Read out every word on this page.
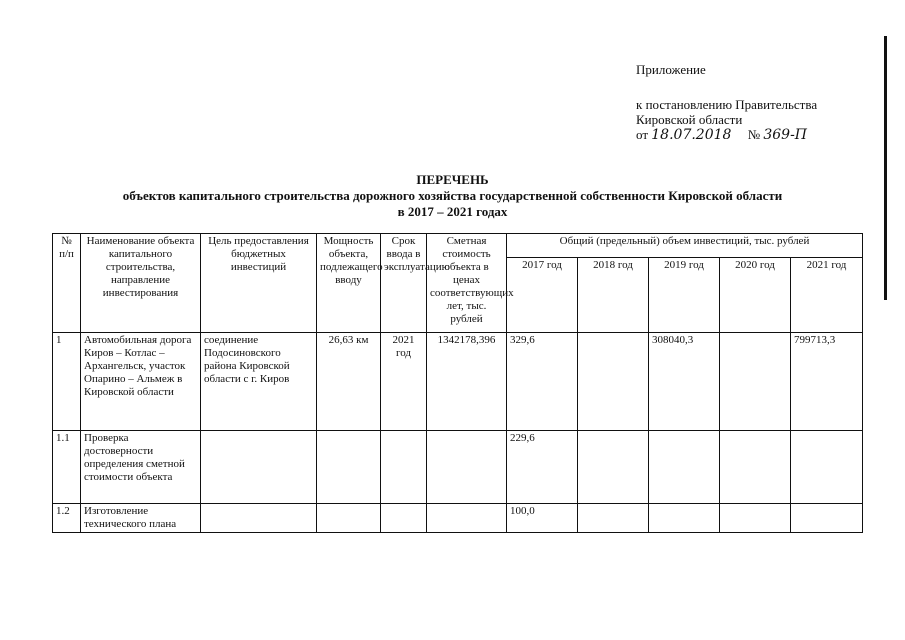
Приложение
к постановлению Правительства
Кировской области
от 18.07.2018 № 369-П
ПЕРЕЧЕНЬ
объектов капитального строительства дорожного хозяйства государственной собственности Кировской области
в 2017 – 2021 годах
№ п/п	Наименование объекта капитального строительства, направление инвестирования	Цель предоставления бюджетных инвестиций	Мощность объекта, подлежащего вводу	Срок ввода в эксплуатацию	Сметная стоимость объекта в ценах соответствующих лет, тыс. рублей	Общий (предельный) объем инвестиций, тыс. рублей				
						2017 год	2018 год	2019 год	2020 год	2021 год
1	Автомобильная дорога Киров – Котлас – Архангельск, участок Опарино – Альмеж в Кировской области	соединение Подосиновского района Кировской области с г. Киров	26,63 км	2021 год	1342178,396	329,6		308040,3		799713,3
1.1	Проверка достоверности определения сметной стоимости объекта					229,6				
1.2	Изготовление технического плана					100,0				
